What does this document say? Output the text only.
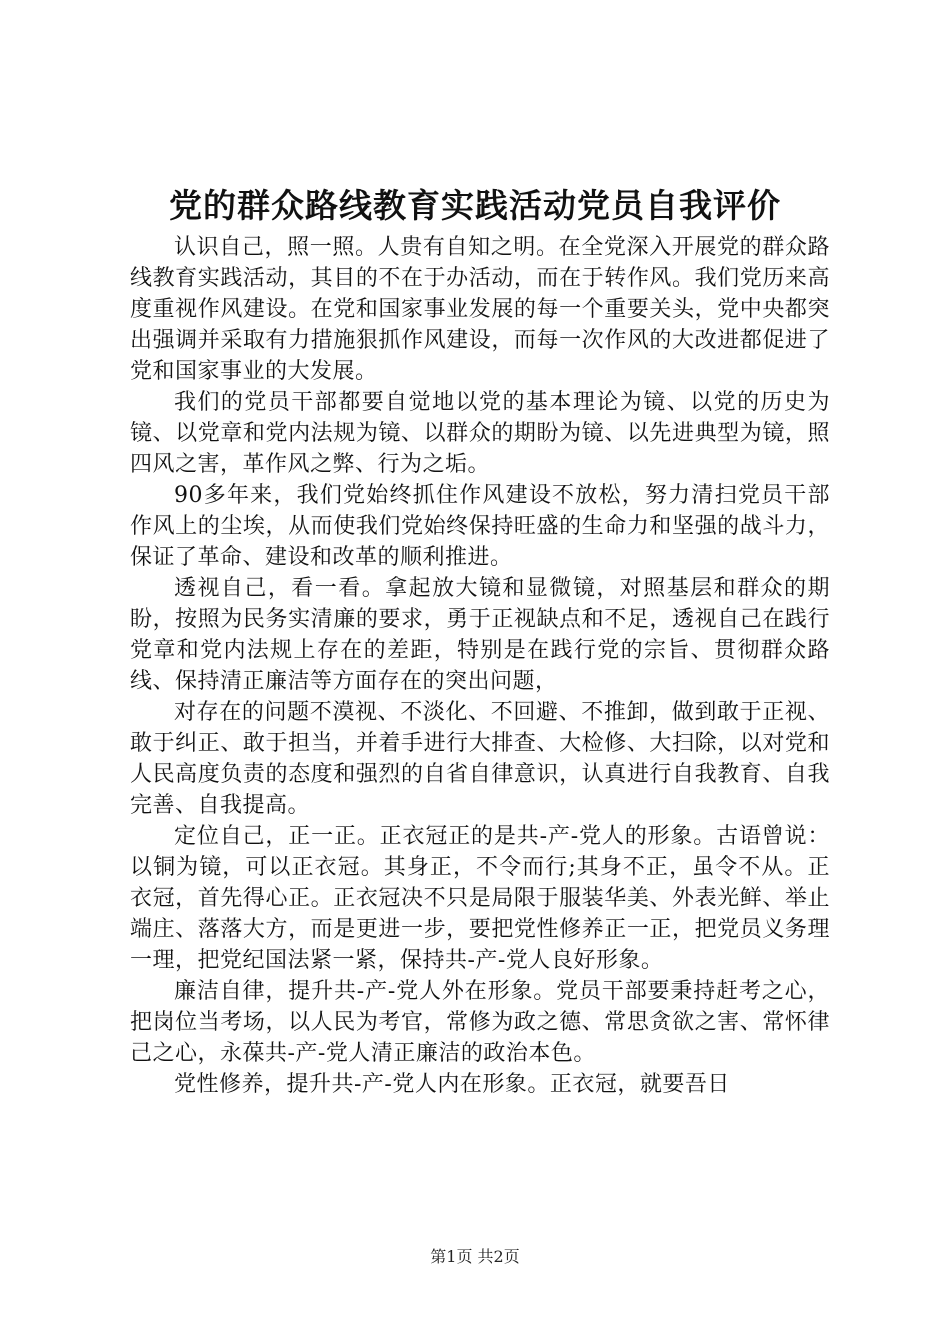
党的群众路线教育实践活动党员自我评价

认识自己，照一照。人贵有自知之明。在全党深入开展党的群众路线教育实践活动，其目的不在于办活动，而在于转作风。我们党历来高度重视作风建设。在党和国家事业发展的每一个重要关头，党中央都突出强调并采取有力措施狠抓作风建设，而每一次作风的大改进都促进了党和国家事业的大发展。

我们的党员干部都要自觉地以党的基本理论为镜、以党的历史为镜、以党章和党内法规为镜、以群众的期盼为镜、以先进典型为镜，照四风之害，革作风之弊、行为之垢。

90多年来，我们党始终抓住作风建设不放松，努力清扫党员干部作风上的尘埃，从而使我们党始终保持旺盛的生命力和坚强的战斗力，保证了革命、建设和改革的顺利推进。

透视自己，看一看。拿起放大镜和显微镜，对照基层和群众的期盼，按照为民务实清廉的要求，勇于正视缺点和不足，透视自己在践行党章和党内法规上存在的差距，特别是在践行党的宗旨、贯彻群众路线、保持清正廉洁等方面存在的突出问题，

对存在的问题不漠视、不淡化、不回避、不推卸，做到敢于正视、敢于纠正、敢于担当，并着手进行大排查、大检修、大扫除，以对党和人民高度负责的态度和强烈的自省自律意识，认真进行自我教育、自我完善、自我提高。

定位自己，正一正。正衣冠正的是共-产-党人的形象。古语曾说：以铜为镜，可以正衣冠。其身正，不令而行;其身不正，虽令不从。正衣冠，首先得心正。正衣冠决不只是局限于服装华美、外表光鲜、举止端庄、落落大方，而是更进一步，要把党性修养正一正，把党员义务理一理，把党纪国法紧一紧，保持共-产-党人良好形象。

廉洁自律，提升共-产-党人外在形象。党员干部要秉持赶考之心，把岗位当考场，以人民为考官，常修为政之德、常思贪欲之害、常怀律己之心，永葆共-产-党人清正廉洁的政治本色。

党性修养，提升共-产-党人内在形象。正衣冠，就要吾日

第1页 共2页
